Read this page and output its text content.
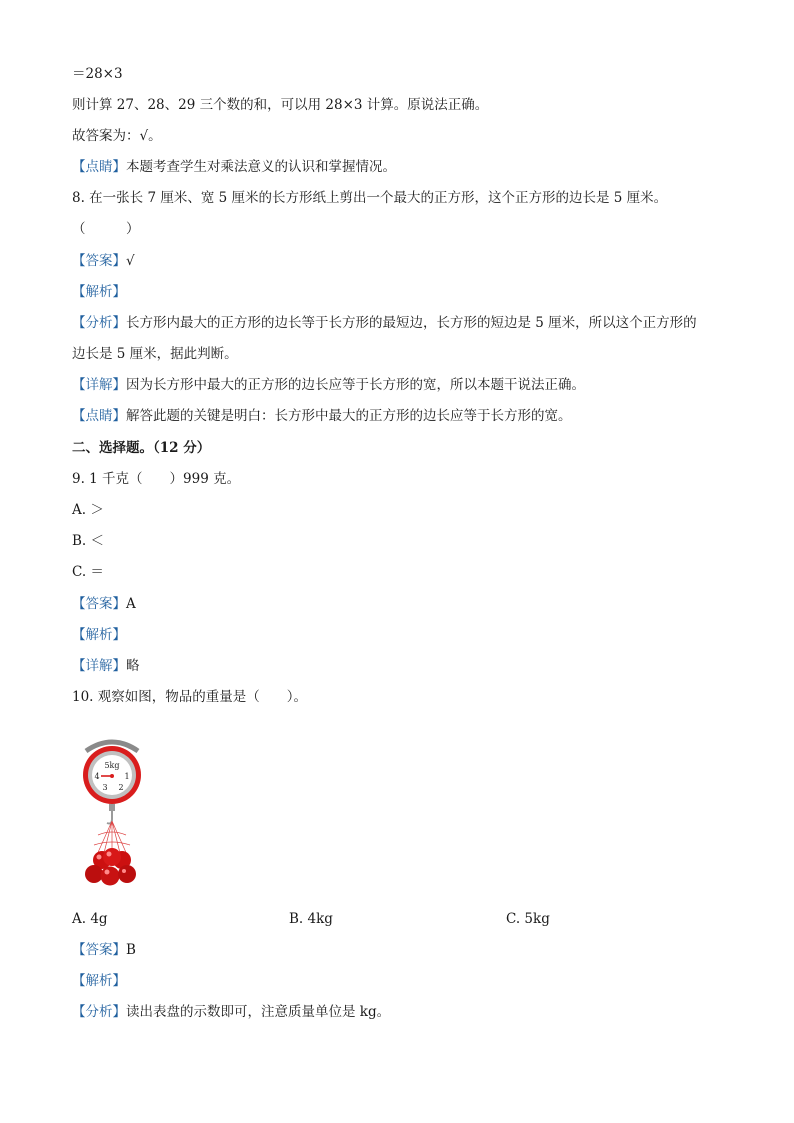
＝28×3
则计算 27、28、29 三个数的和，可以用 28×3 计算。原说法正确。
故答案为：√。
【点睛】本题考查学生对乘法意义的认识和掌握情况。
8. 在一张长 7 厘米、宽 5 厘米的长方形纸上剪出一个最大的正方形，这个正方形的边长是 5 厘米。
（　　　）
【答案】√
【解析】
【分析】长方形内最大的正方形的边长等于长方形的最短边，长方形的短边是 5 厘米，所以这个正方形的
边长是 5 厘米，据此判断。
【详解】因为长方形中最大的正方形的边长应等于长方形的宽，所以本题干说法正确。
【点睛】解答此题的关键是明白：长方形中最大的正方形的边长应等于长方形的宽。
二、选择题。（12 分）
9. 1 千克（　　）999 克。
A. ＞
B. ＜
C. ＝
【答案】A
【解析】
【详解】略
10. 观察如图，物品的重量是（　　）。
5kg
4	1
3 2
A. 4g	B. 4kg	C. 5kg
【答案】B
【解析】
【分析】读出表盘的示数即可，注意质量单位是 kg。
